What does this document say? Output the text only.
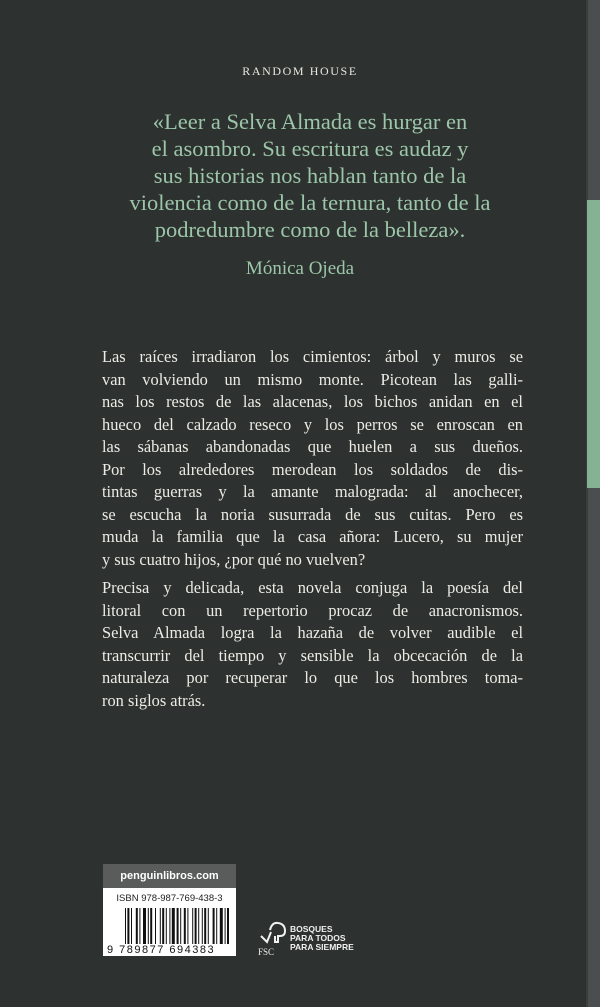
RANDOM HOUSE
«Leer a Selva Almada es hurgar en
el asombro. Su escritura es audaz y
sus historias nos hablan tanto de la
violencia como de la ternura, tanto de la
podredumbre como de la belleza».
Mónica Ojeda
Las raíces irradiaron los cimientos: árbol y muros se
van volviendo un mismo monte. Picotean las galli-
nas los restos de las alacenas, los bichos anidan en el
hueco del calzado reseco y los perros se enroscan en
las sábanas abandonadas que huelen a sus dueños.
Por los alrededores merodean los soldados de dis-
tintas guerras y la amante malograda: al anochecer,
se escucha la noria susurrada de sus cuitas. Pero es
muda la familia que la casa añora: Lucero, su mujer
y sus cuatro hijos, ¿por qué no vuelven?
Precisa y delicada, esta novela conjuga la poesía del
litoral con un repertorio procaz de anacronismos.
Selva Almada logra la hazaña de volver audible el
transcurrir del tiempo y sensible la obcecación de la
naturaleza por recuperar lo que los hombres toma-
ron siglos atrás.
penguinlibros.com
ISBN 978-987-769-438-3
9 789877 694383	FSC
BOSQUES
PARA TODOS
PARA SIEMPRE
